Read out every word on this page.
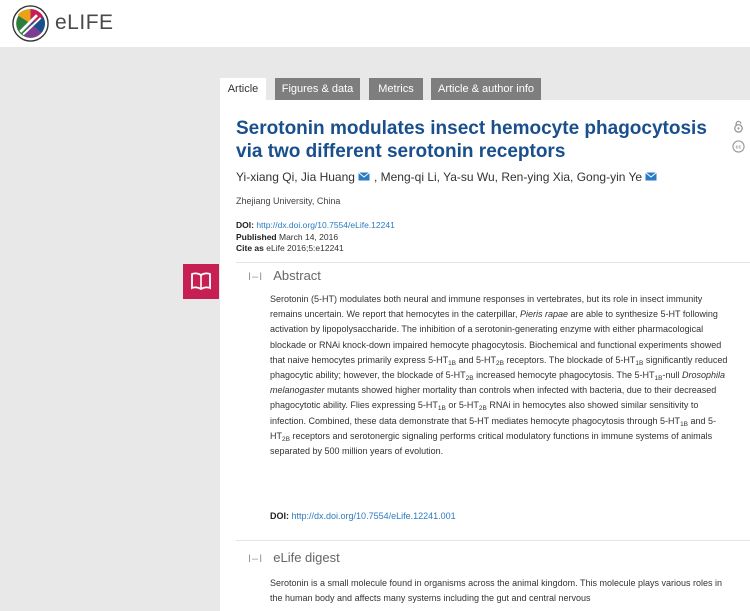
eLIFE
Article	Figures & data	Metrics	Article & author info
Serotonin modulates insect hemocyte phagocytosis via two different serotonin receptors	cc
Yi-xiang Qi, Jia Huang , Meng-qi Li, Ya-su Wu, Ren-ying Xia, Gong-yin Ye
Zhejiang University, China
DOI: http://dx.doi.org/10.7554/eLife.12241
Published March 14, 2016
Cite as eLife 2016;5:e12241
I–I Abstract

Serotonin (5-HT) modulates both neural and immune responses in vertebrates, but its role in insect immunity remains uncertain. We report that hemocytes in the caterpillar, Pieris rapae are able to synthesize 5-HT following activation by lipopolysaccharide. The inhibition of a serotonin-generating enzyme with either pharmacological blockade or RNAi knock-down impaired hemocyte phagocytosis. Biochemical and functional experiments showed that naive hemocytes primarily express $5-HT_{1B}$ and $5-HT_{2B}$ receptors. The blockade of $5-HT_{1B}$ significantly reduced phagocytic ability; however, the blockade of $5-HT_{2B}$ increased hemocyte phagocytosis. The $5-HT_{1B}$-null Drosophila melanogaster mutants showed higher mortality than controls when infected with bacteria, due to their decreased phagocytotic ability. Flies expressing $5-HT_{1B}$ or $5-HT_{2B}$ RNAi in hemocytes also showed similar sensitivity to infection. Combined, these data demonstrate that 5-HT mediates hemocyte phagocytosis through $5-HT_{1B}$ and $5-HT_{2B}$ receptors and serotonergic signaling performs critical modulatory functions in immune systems of animals separated by 500 million years of evolution.

DOI: http://dx.doi.org/10.7554/eLife.12241.001
I–I eLife digest

Serotonin is a small molecule found in organisms across the animal kingdom. This molecule plays various roles in the human body and affects many systems including the gut and central nervous
